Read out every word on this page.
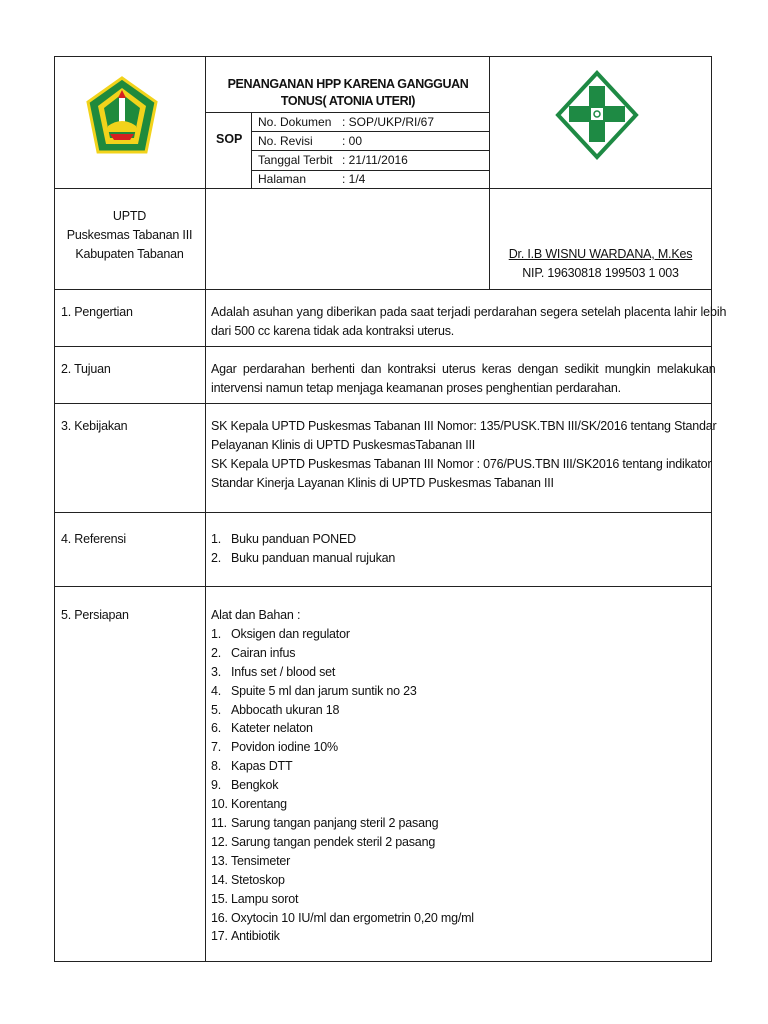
PENANGANAN HPP KARENA GANGGUAN TONUS( ATONIA UTERI)
SOP
No. Dokumen : SOP/UKP/RI/67
No. Revisi : 00
Tanggal Terbit : 21/11/2016
Halaman	: 1/4
UPTD
Puskesmas Tabanan III
Kabupaten Tabanan	Dr. I.B WISNU WARDANA, M.Kes
NIP. 19630818 199503 1 003
1. Pengertian	Adalah asuhan yang diberikan pada saat terjadi perdarahan segera setelah placenta lahir lebih
dari 500 cc karena tidak ada kontraksi uterus.
2. Tujuan	Agar perdarahan berhenti dan kontraksi uterus keras dengan sedikit mungkin melakukan
intervensi namun tetap menjaga keamanan proses penghentian perdarahan.
3. Kebijakan	SK Kepala UPTD Puskesmas Tabanan III Nomor: 135/PUSK.TBN III/SK/2016 tentang Standar
Pelayanan Klinis di UPTD PuskesmasTabanan III
SK Kepala UPTD Puskesmas Tabanan III Nomor : 076/PUS.TBN III/SK2016 tentang indikator
Standar Kinerja Layanan Klinis di UPTD Puskesmas Tabanan III
4. Referensi	1. Buku panduan PONED
2. Buku panduan manual rujukan
5. Persiapan	Alat dan Bahan :
1. Oksigen dan regulator
2. Cairan infus
3. Infus set / blood set
4. Spuite 5 ml dan jarum suntik no 23
5. Abbocath ukuran 18
6. Kateter nelaton
7. Povidon iodine 10%
8. Kapas DTT
9. Bengkok
10. Korentang
11. Sarung tangan panjang steril 2 pasang
12. Sarung tangan pendek steril 2 pasang
13. Tensimeter
14. Stetoskop
15. Lampu sorot
16. Oxytocin 10 IU/ml dan ergometrin 0,20 mg/ml
17. Antibiotik
